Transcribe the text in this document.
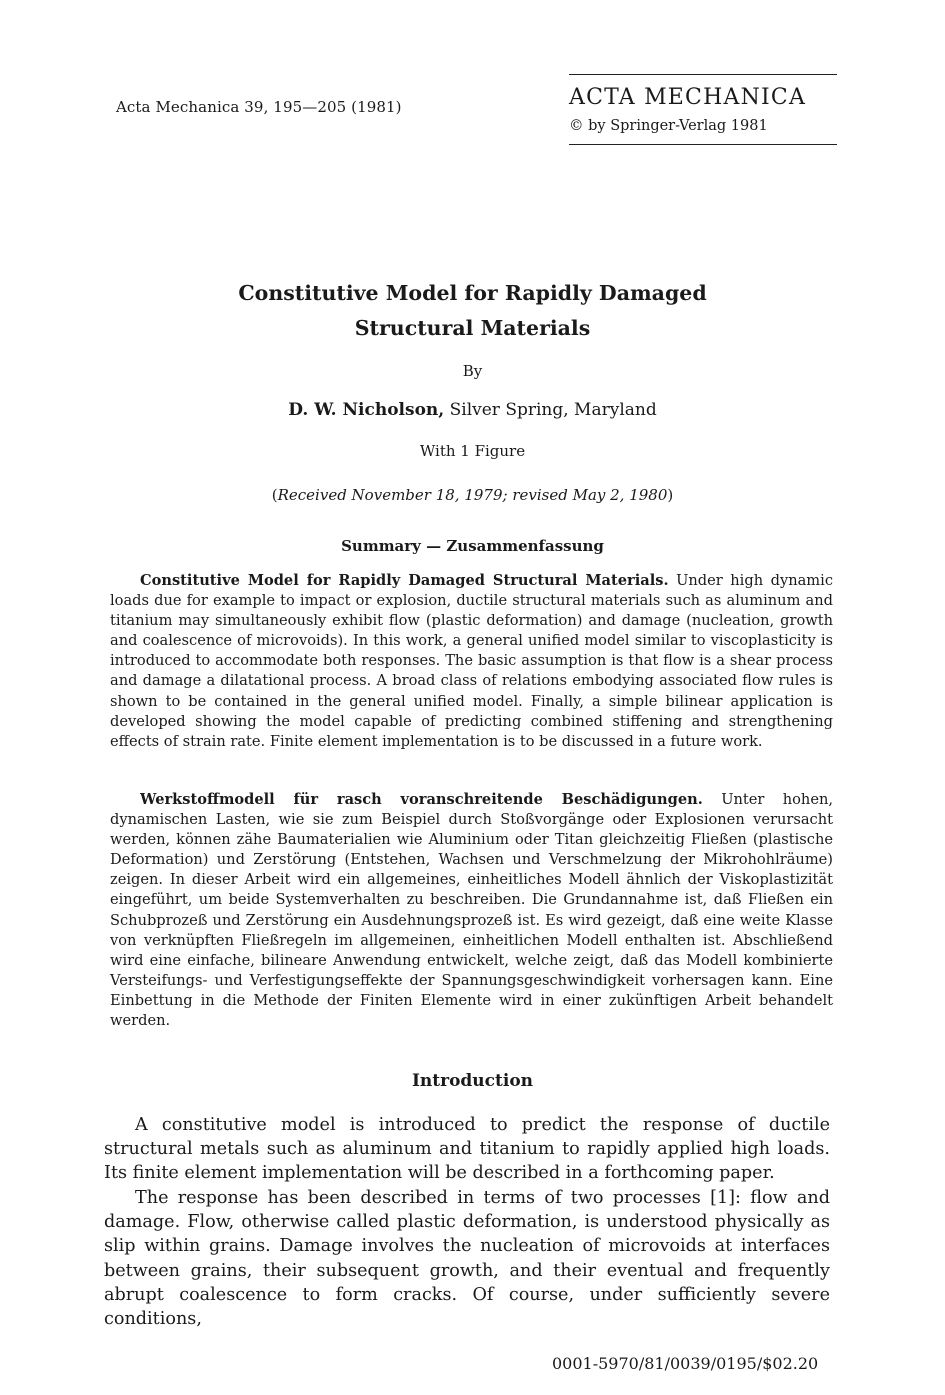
Acta Mechanica 39, 195—205 (1981)	ACTA MECHANICA
© by Springer-Verlag 1981
Constitutive Model for Rapidly Damaged
Structural Materials
By
D. W. Nicholson, Silver Spring, Maryland
With 1 Figure
(Received November 18, 1979; revised May 2, 1980)
Summary — Zusammenfassung
Constitutive Model for Rapidly Damaged Structural Materials. Under high dynamic loads due for example to impact or explosion, ductile structural materials such as aluminum and titanium may simultaneously exhibit flow (plastic deformation) and damage (nucleation, growth and coalescence of microvoids). In this work, a general unified model similar to viscoplasticity is introduced to accommodate both responses. The basic assumption is that flow is a shear process and damage a dilatational process. A broad class of relations embodying associated flow rules is shown to be contained in the general unified model. Finally, a simple bilinear application is developed showing the model capable of predicting combined stiffening and strengthening effects of strain rate. Finite element implementation is to be discussed in a future work.
Werkstoffmodell für rasch voranschreitende Beschädigungen. Unter hohen, dynamischen Lasten, wie sie zum Beispiel durch Stoßvorgänge oder Explosionen verursacht werden, können zähe Baumaterialien wie Aluminium oder Titan gleichzeitig Fließen (plastische Deformation) und Zerstörung (Entstehen, Wachsen und Verschmelzung der Mikrohohlräume) zeigen. In dieser Arbeit wird ein allgemeines, einheitliches Modell ähnlich der Viskoplastizität eingeführt, um beide Systemverhalten zu beschreiben. Die Grundannahme ist, daß Fließen ein Schubprozeß und Zerstörung ein Ausdehnungsprozeß ist. Es wird gezeigt, daß eine weite Klasse von verknüpften Fließregeln im allgemeinen, einheitlichen Modell enthalten ist. Abschließend wird eine einfache, bilineare Anwendung entwickelt, welche zeigt, daß das Modell kombinierte Versteifungs- und Verfestigungseffekte der Spannungsgeschwindigkeit vorhersagen kann. Eine Einbettung in die Methode der Finiten Elemente wird in einer zukünftigen Arbeit behandelt werden.
Introduction
A constitutive model is introduced to predict the response of ductile structural metals such as aluminum and titanium to rapidly applied high loads. Its finite element implementation will be described in a forthcoming paper.
The response has been described in terms of two processes [1]: flow and damage. Flow, otherwise called plastic deformation, is understood physically as slip within grains. Damage involves the nucleation of microvoids at interfaces between grains, their subsequent growth, and their eventual and frequently abrupt coalescence to form cracks. Of course, under sufficiently severe conditions,
0001-5970/81/0039/0195/$02.20
